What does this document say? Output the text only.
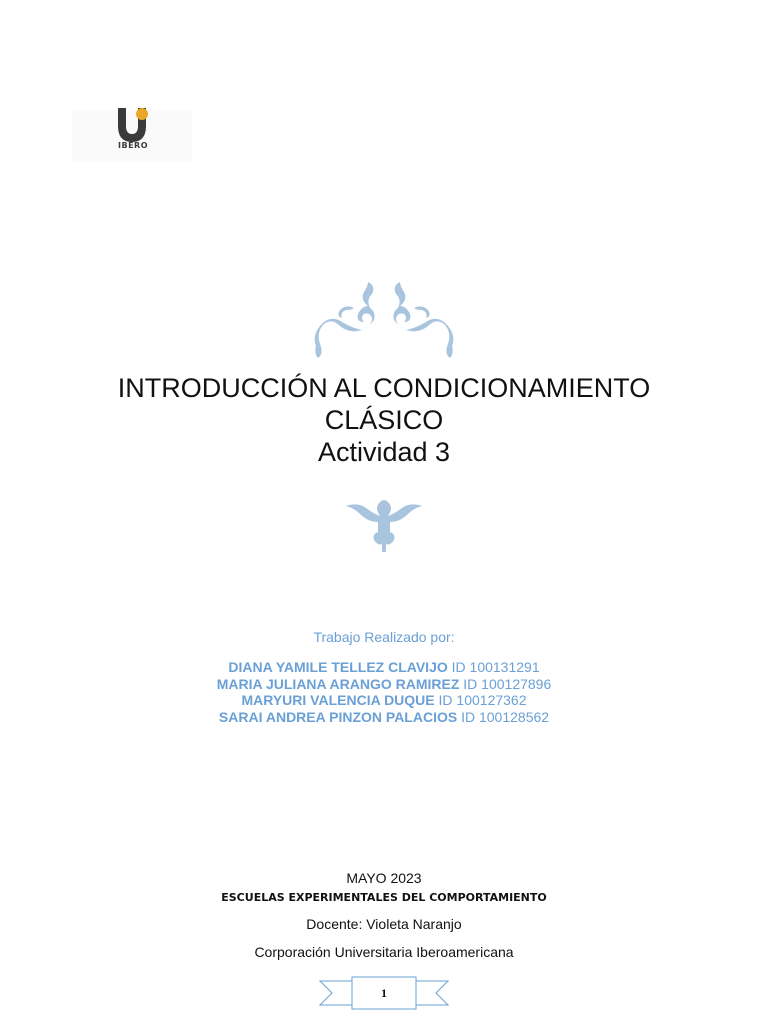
IBERO
INTRODUCCIÓN AL CONDICIONAMIENTO
CLÁSICO
Actividad 3
Trabajo Realizado por:
DIANA YAMILE TELLEZ CLAVIJO ID 100131291
MARIA JULIANA ARANGO RAMIREZ ID 100127896
MARYURI VALENCIA DUQUE ID 100127362
SARAI ANDREA PINZON PALACIOS ID 100128562
MAYO 2023
ESCUELAS EXPERIMENTALES DEL COMPORTAMIENTO
Docente: Violeta Naranjo
Corporación Universitaria Iberoamericana
1
